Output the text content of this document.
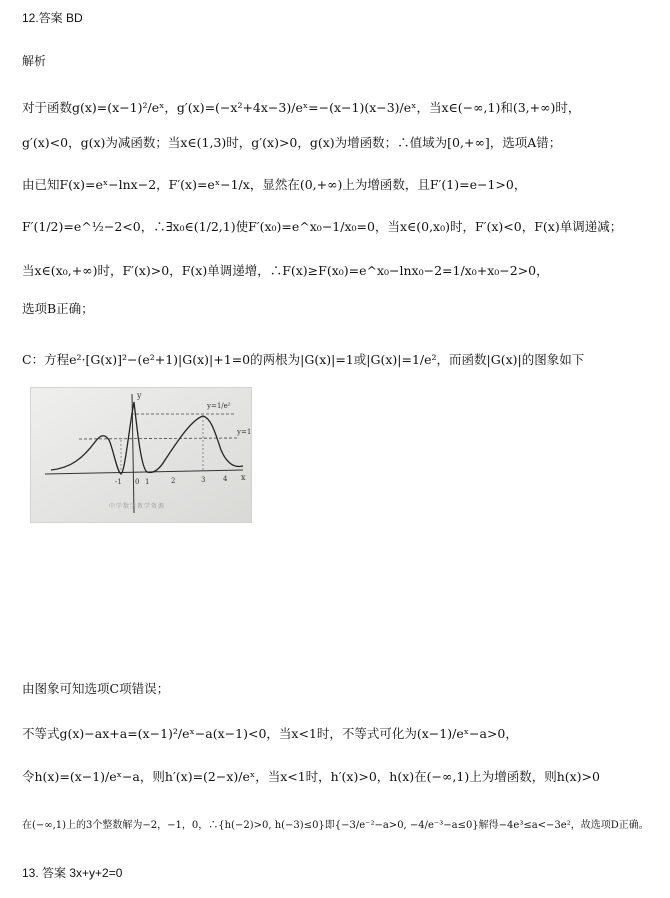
12.答案 BD
解析
对于函数g(x)=(x−1)²/eˣ，g′(x)=(−x²+4x−3)/eˣ=−(x−1)(x−3)/eˣ，当x∈(−∞,1)和(3,+∞)时，
g′(x)<0，g(x)为减函数；当x∈(1,3)时，g′(x)>0，g(x)为增函数；∴值域为[0,+∞]，选项A错；
由已知F(x)=eˣ−lnx−2，F′(x)=eˣ−1/x，显然在(0,+∞)上为增函数，且F′(1)=e−1>0，
F′(1/2)=e^½−2<0，∴∃x₀∈(1/2,1)使F′(x₀)=e^x₀−1/x₀=0，当x∈(0,x₀)时，F′(x)<0，F(x)单调递减；
当x∈(x₀,+∞)时，F′(x)>0，F(x)单调递增，∴F(x)≥F(x₀)=e^x₀−lnx₀−2=1/x₀+x₀−2>0，
选项B正确；
C：方程e²·[G(x)]²−(e²+1)|G(x)|+1=0的两根为|G(x)|=1或|G(x)|=1/e²，而函数|G(x)|的图象如下
y=1
y=1/e²
x
y
0
-1	1	2	3	4
中学数学教学资源
由图象可知选项C项错误；
不等式g(x)−ax+a=(x−1)²/eˣ−a(x−1)<0，当x<1时，不等式可化为(x−1)/eˣ−a>0，
令h(x)=(x−1)/eˣ−a，则h′(x)=(2−x)/eˣ，当x<1时，h′(x)>0，h(x)在(−∞,1)上为增函数，则h(x)>0
在(−∞,1)上的3个整数解为−2，−1，0，∴{h(−2)>0, h(−3)≤0}即{−3/e⁻²−a>0, −4/e⁻³−a≤0}解得−4e³≤a<−3e²，故选项D正确。
13. 答案 3x+y+2=0
